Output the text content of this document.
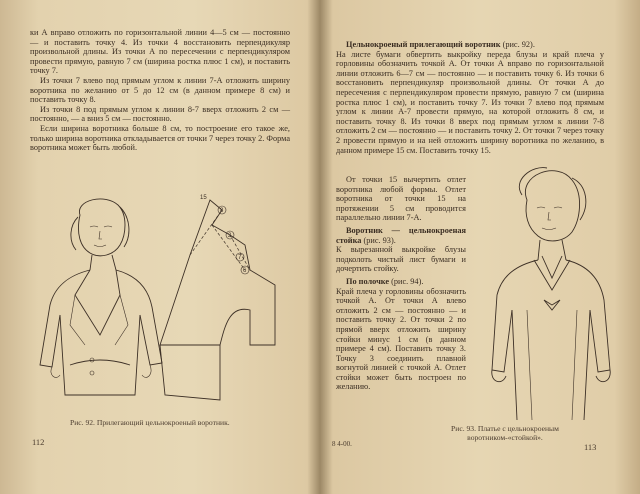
ки А вправо отложить по горизонтальной линии 4—5 см — постоянно — и поставить точку 4. Из точки 4 восстановить перпендикуляр произвольной длины. Из точки А по пересечении с перпендикуляром провести прямую, равную 7 см (ширина ростка плюс 1 см), и поставить точку 7.

Из точки 7 влево под прямым углом к линии 7-А отложить ширину воротника по желанию от 5 до 12 см (в данном примере 8 см) и поставить точку 8.

Из точки 8 под прямым углом к линии 8-7 вверх отложить 2 см — постоянно, — а вниз 5 см — постоянно.

Если ширина воротника больше 8 см, то построение его такое же, только ширина воротника откладывается от точки 7 через точку 2. Форма воротника может быть любой.

15
8
2
7
6
Рис. 92. Прилегающий цельнокроеный воротник.
112

Цельнокроеный прилегающий воротник (рис. 92).

На листе бумаги обвертить выкройку переда блузы и край плеча у горловины обозначить точкой А. От точки А вправо по горизонтальной линии отложить 6—7 см — постоянно — и поставить точку 6. Из точки 6 восстановить перпендикуляр произвольной длины. От точки А до пересечения с перпендикуляром провести прямую, равную 7 см (ширина ростка плюс 1 см), и поставить точку 7. Из точки 7 влево под прямым углом к линии А-7 провести прямую, на которой отложить 8 см, и поставить точку 8. Из точки 8 вверх под прямым углом к линии 7-8 отложить 2 см — постоянно — и поставить точку 2. От точки 7 через точку 2 провести прямую и на ней отложить ширину воротника по желанию, в данном примере 15 см. Поставить точку 15.

От точки 15 вычертить отлет воротника любой формы. Отлет воротника от точки 15 на протяжении 5 см проводится параллельно линии 7-А.

Воротник — цельнокроеная стойка (рис. 93).

К вырезанной выкройке блузы подколоть чистый лист бумаги и дочертить стойку.

По полочке (рис. 94).

Край плеча у горловины обозначить точкой А. От точки А влево отложить 2 см — постоянно — и поставить точку 2. От точки 2 по прямой вверх отложить ширину стойки минус 1 см (в данном примере 4 см). Поставить точку 3. Точку 3 соединить плавной вогнутой линией с точкой А. Отлет стойки может быть построен по желанию.

Рис. 93. Платье с цельнокроеным воротником-«стойкой».
8 4-00.	113
